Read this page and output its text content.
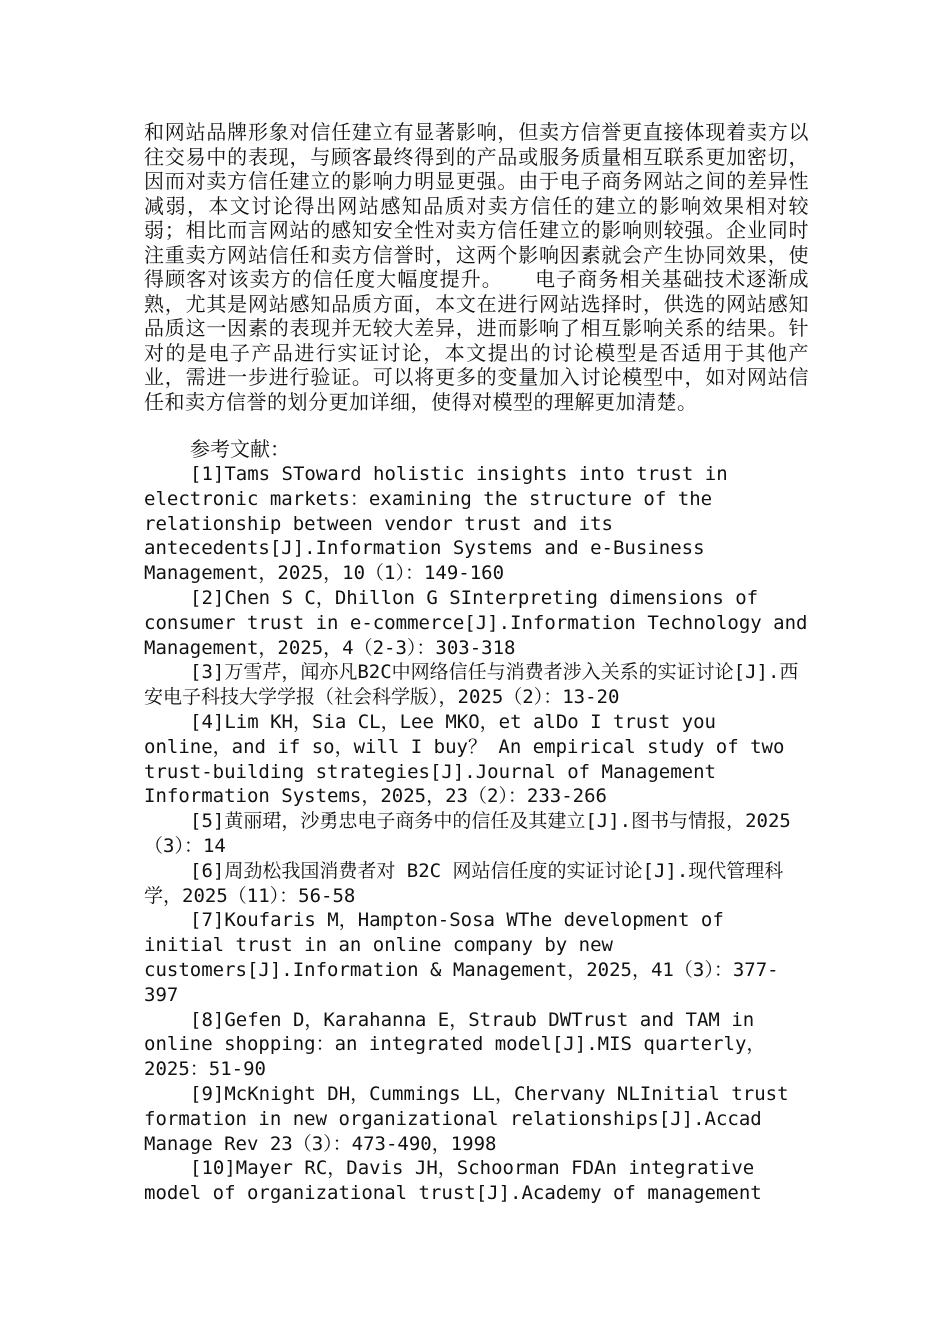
和网站品牌形象对信任建立有显著影响，但卖方信誉更直接体现着卖方以往交易中的表现，与顾客最终得到的产品或服务质量相互联系更加密切，因而对卖方信任建立的影响力明显更强。由于电子商务网站之间的差异性减弱，本文讨论得出网站感知品质对卖方信任的建立的影响效果相对较弱；相比而言网站的感知安全性对卖方信任建立的影响则较强。企业同时注重卖方网站信任和卖方信誉时，这两个影响因素就会产生协同效果，使得顾客对该卖方的信任度大幅度提升。　　电子商务相关基础技术逐渐成熟，尤其是网站感知品质方面，本文在进行网站选择时，供选的网站感知品质这一因素的表现并无较大差异，进而影响了相互影响关系的结果。针对的是电子产品进行实证讨论，本文提出的讨论模型是否适用于其他产业，需进一步进行验证。可以将更多的变量加入讨论模型中，如对网站信任和卖方信誉的划分更加详细，使得对模型的理解更加清楚。

参考文献：

[1]Tams SToward holistic insights into trust in electronic markets：examining the structure of the relationship between vendor trust and its antecedents[J].Information Systems and e-Business Management，2025，10（1）：149-160
[2]Chen S C，Dhillon G SInterpreting dimensions of consumer trust in e-commerce[J].Information Technology and Management，2025，4（2-3）：303-318
[3]万雪芹，闻亦凡B2C中网络信任与消费者涉入关系的实证讨论[J].西安电子科技大学学报（社会科学版），2025（2）：13-20
[4]Lim KH，Sia CL，Lee MKO，et alDo I trust you online，and if so，will I buy？ An empirical study of two trust-building strategies[J].Journal of Management Information Systems，2025，23（2）：233-266
[5]黄丽珺，沙勇忠电子商务中的信任及其建立[J].图书与情报，2025（3）：14
[6]周劲松我国消费者对 B2C 网站信任度的实证讨论[J].现代管理科学，2025（11）：56-58
[7]Koufaris M，Hampton-Sosa WThe development of initial trust in an online company by new customers[J].Information & Management，2025，41（3）：377-397
[8]Gefen D，Karahanna E，Straub DWTrust and TAM in online shopping：an integrated model[J].MIS quarterly，2025：51-90
[9]McKnight DH，Cummings LL，Chervany NLInitial trust formation in new organizational relationships[J].Accad Manage Rev 23（3）：473-490，1998
[10]Mayer RC，Davis JH，Schoorman FDAn integrative model of organizational trust[J].Academy of management
